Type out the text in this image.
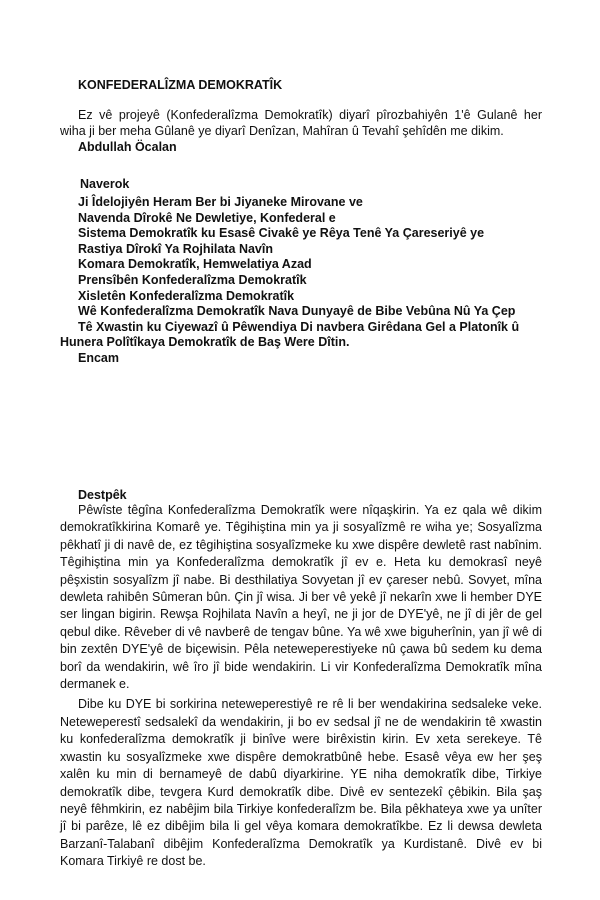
KONFEDERALÎZMA DEMOKRATÎK
Ez vê projeyê (Konfederalîzma Demokratîk) diyarî pîrozbahiyên 1'ê Gulanê her wiha ji ber meha Gûlanê ye diyarî Denîzan, Mahîran û Tevahî şehîdên me dikim.
Abdullah Öcalan
Naverok
Ji Îdelojiyên Heram Ber bi Jiyaneke Mirovane ve
Navenda Dîrokê Ne Dewletiye, Konfederal e
Sistema Demokratîk ku Esasê Civakê ye Rêya Tenê Ya Çareseriyê ye
Rastiya Dîrokî Ya Rojhilata Navîn
Komara Demokratîk, Hemwelatiya Azad
Prensîbên Konfederalîzma Demokratîk
Xisletên Konfederalîzma Demokratîk
Wê Konfederalîzma Demokratîk Nava Dunyayê de Bibe Vebûna Nû Ya Çep
Tê Xwastin ku Ciyewazî û Pêwendiya Di navbera Girêdana Gel a Platonîk û Hunera Polîtîkaya Demokratîk de Baş Were Dîtin.
Encam
Destpêk

Pêwîste têgîna Konfederalîzma Demokratîk were nîqaşkirin. Ya ez qala wê dikim demokratîkkirina Komarê ye. Têgihiştina min ya ji sosyalîzmê re wiha ye; Sosyalîzma pêkhatî ji di navê de, ez têgihiştina sosyalîzmeke ku xwe dispêre dewletê rast nabînim. Têgihiştina min ya Konfederalîzma demokratîk jî ev e. Heta ku demokrasî neyê pêşxistin sosyalîzm jî nabe. Bi desthilatiya Sovyetan jî ev çareser nebû. Sovyet, mîna dewleta rahibên Sûmeran bûn. Çin jî wisa. Ji ber vê yekê jî nekarîn xwe li hember DYE ser lingan bigirin. Rewşa Rojhilata Navîn a heyî, ne ji jor de DYE'yê, ne jî di jêr de gel qebul dike. Rêveber di vê navberê de tengav bûne. Ya wê xwe biguherînin, yan jî wê di bin zextên DYE'yê de biçewisin. Pêla neteweperestiyeke nû çawa bû sedem ku dema borî da wendakirin, wê îro jî bide wendakirin. Li vir Konfederalîzma Demokratîk mîna dermanek e.

Dibe ku DYE bi sorkirina neteweperestiyê re rê li ber wendakirina sedsaleke veke. Neteweperestî sedsalekî da wendakirin, ji bo ev sedsal jî ne de wendakirin tê xwastin ku konfederalîzma demokratîk ji binîve were birêxistin kirin. Ev xeta serekeye. Tê xwastin ku sosyalîzmeke xwe dispêre demokratbûnê hebe. Esasê vêya ew her şeş xalên ku min di bernameyê de dabû diyarkirine. YE niha demokratîk dibe, Tirkiye demokratîk dibe, tevgera Kurd demokratîk dibe. Divê ev sentezekî çêbikin. Bila şaş neyê fêhmkirin, ez nabêjim bila Tirkiye konfederalîzm be. Bila pêkhateya xwe ya unîter jî bi parêze, lê ez dibêjim bila li gel vêya komara demokratîkbe. Ez li dewsa dewleta Barzanî-Talabanî dibêjim Konfederalîzma Demokratîk ya Kurdistanê. Divê ev bi Komara Tirkiyê re dost be.
